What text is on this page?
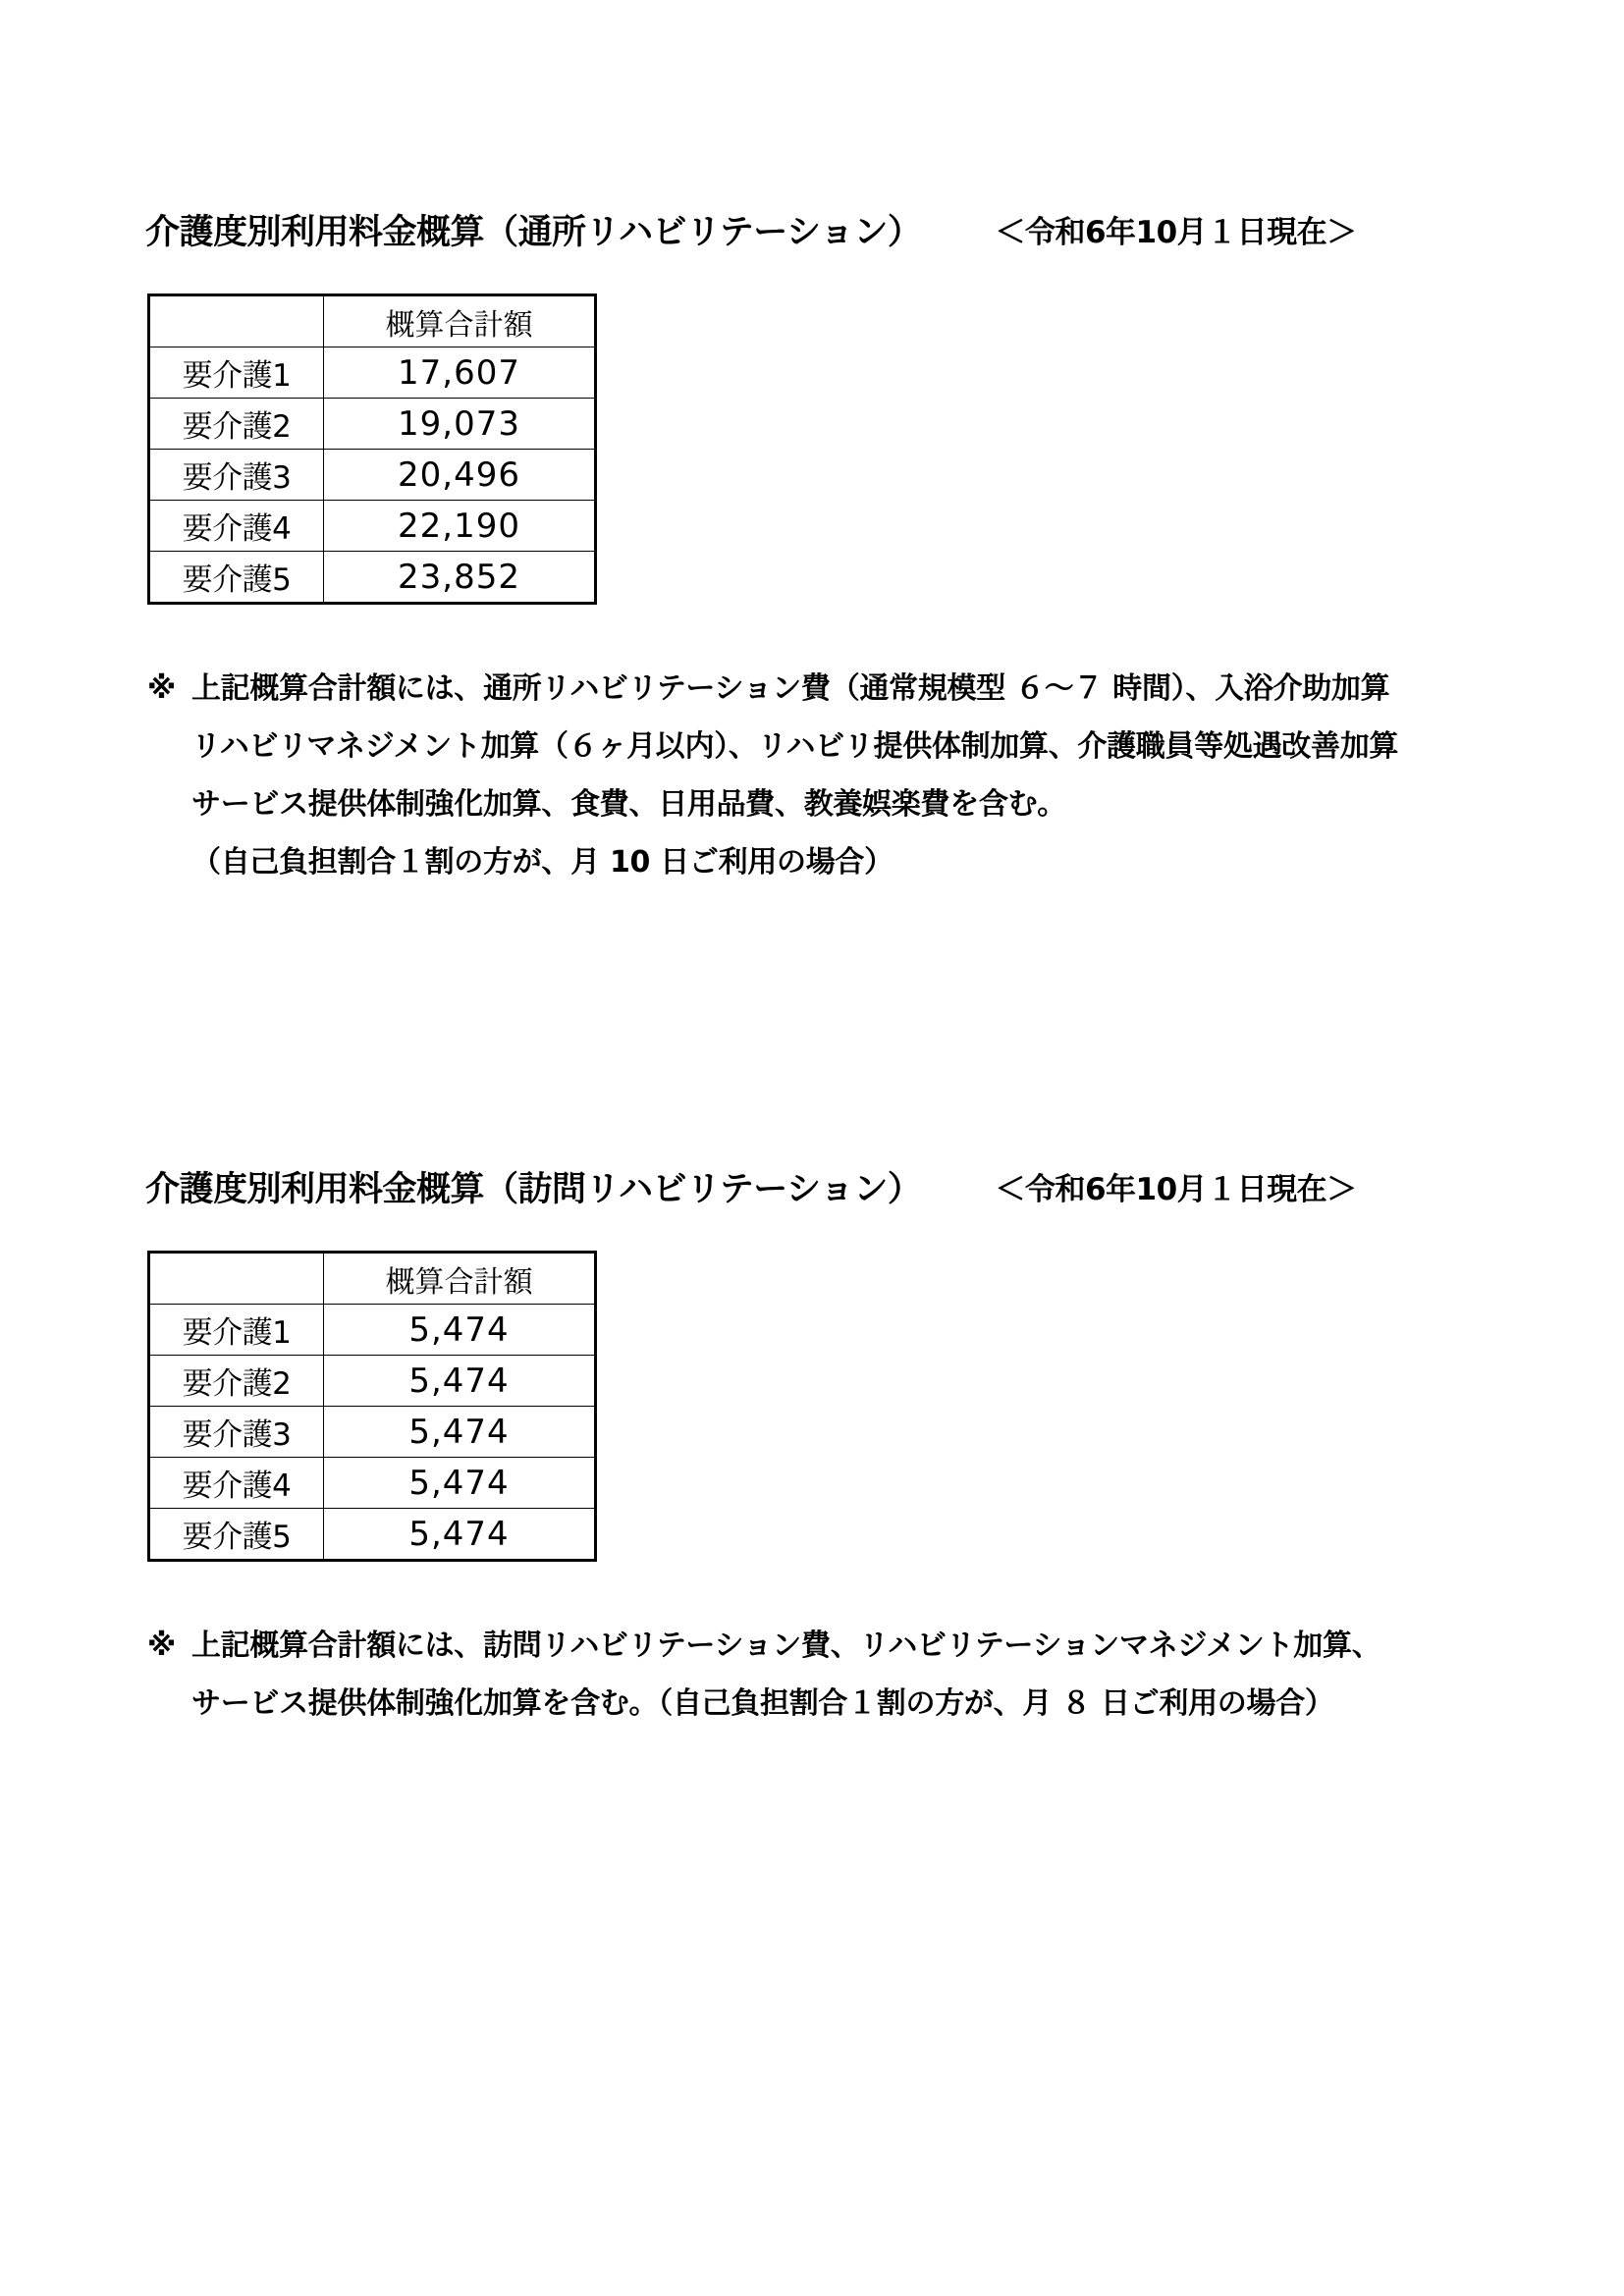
介護度別利用料金概算（通所リハビリテーション） ＜令和6年10月１日現在＞
	概算合計額
要介護1	17,607
要介護2	19,073
要介護3	20,496
要介護4	22,190
要介護5	23,852
※ 上記概算合計額には、通所リハビリテーション費（通常規模型 ６～７ 時間）、入浴介助加算
リハビリマネジメント加算（６ヶ月以内）、リハビリ提供体制加算、介護職員等処遇改善加算
サービス提供体制強化加算、食費、日用品費、教養娯楽費を含む。
（自己負担割合１割の方が、月 10 日ご利用の場合）
介護度別利用料金概算（訪問リハビリテーション） ＜令和6年10月１日現在＞
	概算合計額
要介護1	5,474
要介護2	5,474
要介護3	5,474
要介護4	5,474
要介護5	5,474
※ 上記概算合計額には、訪問リハビリテーション費、リハビリテーションマネジメント加算、
サービス提供体制強化加算を含む。（自己負担割合１割の方が、月 ８ 日ご利用の場合）
